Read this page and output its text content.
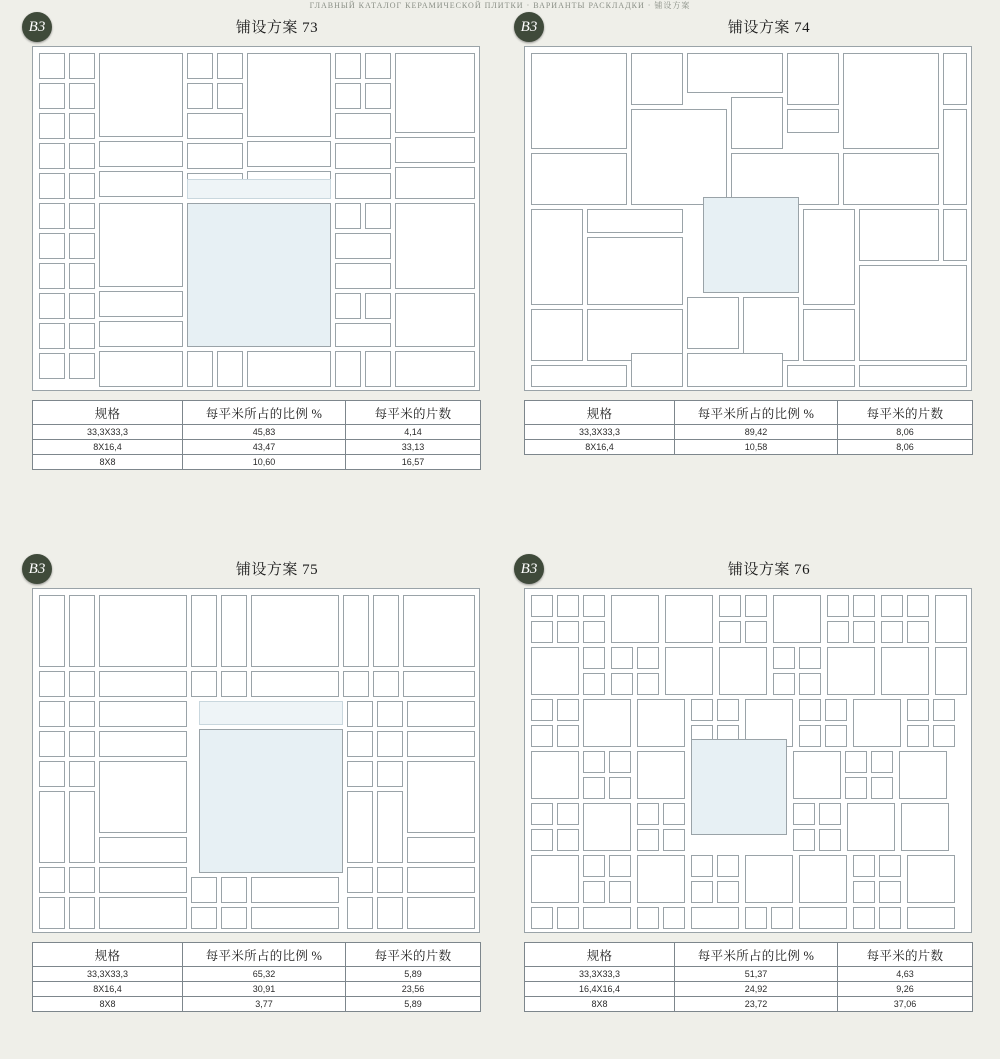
ГЛАВНЫЙ КАТАЛОГ КЕРАМИЧЕСКОЙ ПЛИТКИ · ВАРИАНТЫ РАСКЛАДКИ · 铺设方案
B3	铺设方案 73
规格	每平米所占的比例 %	每平米的片数
33,3X33,3	45,83	4,14
8X16,4	43,47	33,13
8X8	10,60	16,57
B3	铺设方案 74
规格	每平米所占的比例 %	每平米的片数
33,3X33,3	89,42	8,06
8X16,4	10,58	8,06
B3	铺设方案 75
规格	每平米所占的比例 %	每平米的片数
33,3X33,3	65,32	5,89
8X16,4	30,91	23,56
8X8	3,77	5,89
B3	铺设方案 76
规格	每平米所占的比例 %	每平米的片数
33,3X33,3	51,37	4,63
16,4X16,4	24,92	9,26
8X8	23,72	37,06
